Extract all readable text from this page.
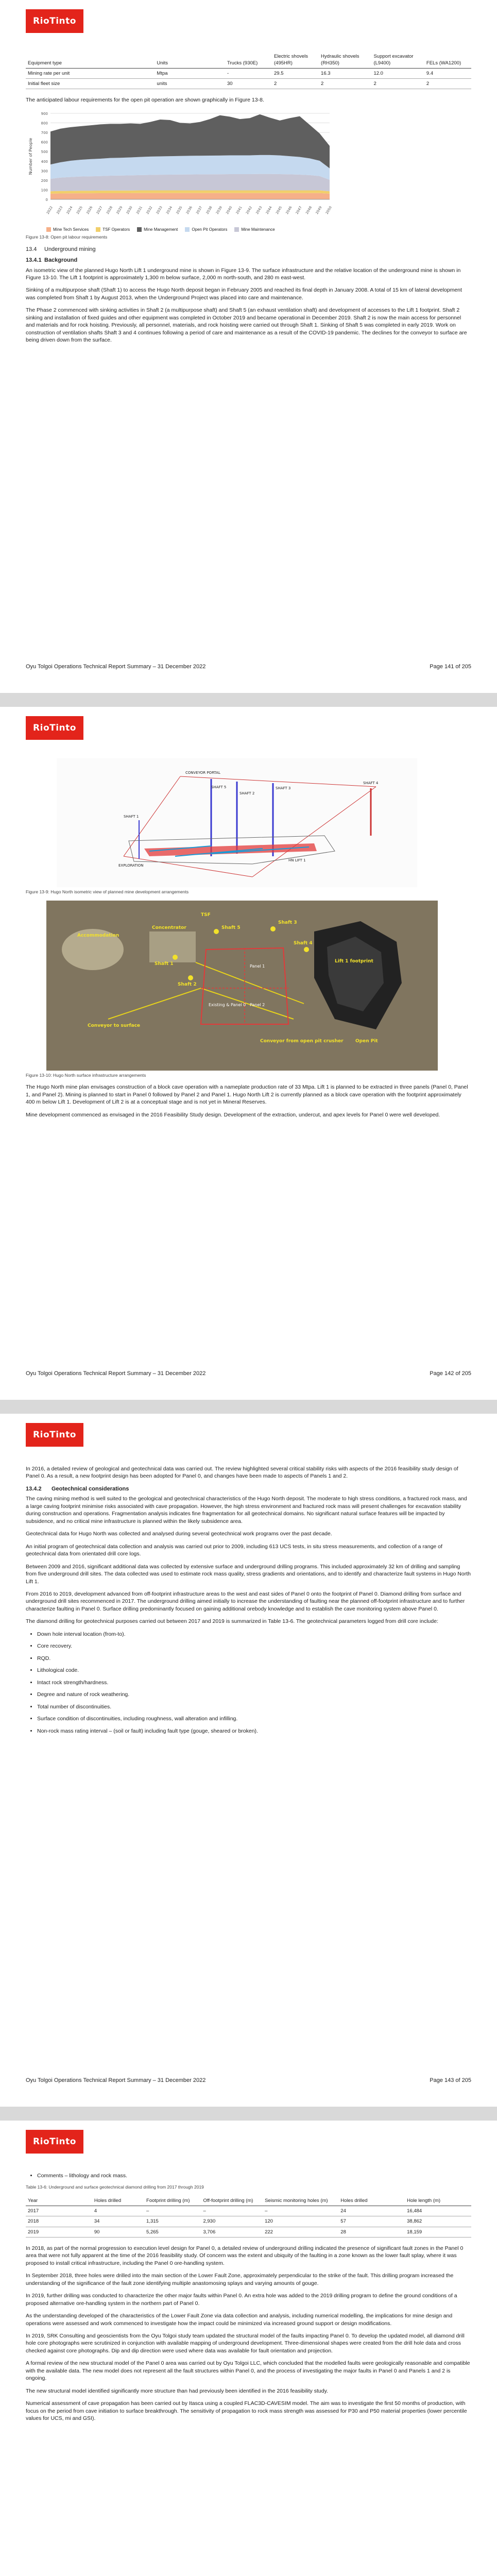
RioTinto
Equipment type	Units	Trucks (930E)	Electric shovels (495HR)	Hydraulic shovels (RH350)	Support excavator (L9400)	FELs (WA1200)
Mining rate per unit	Mtpa	-	29.5	16.3	12.0	9.4
Initial fleet size	units	30	2	2	2	2

The anticipated labour requirements for the open pit operation are shown graphically in Figure 13-8.

0
100
200
300
400
500
600
700
800
900
2022 2023 2024 2025 2026 2027 2028 2029 2030 2031 2032 2033 2034 2035 2036 2037 2038 2039 2040 2041 2042 2043 2044 2045 2046 2047 2048 2049 2050
Number of People
Mine Tech Services	TSF Operators	Mine Management	Open Pit Operators	Mine Maintenance
Figure 13-8: Open pit labour requirements
13.4	Underground mining
13.4.1 Background

An isometric view of the planned Hugo North Lift 1 underground mine is shown in Figure 13-9. The surface infrastructure and the relative location of the underground mine is shown in Figure 13-10. The Lift 1 footprint is approximately 1,300 m below surface, 2,000 m north-south, and 280 m east-west.

Sinking of a multipurpose shaft (Shaft 1) to access the Hugo North deposit began in February 2005 and reached its final depth in January 2008. A total of 15 km of lateral development was completed from Shaft 1 by August 2013, when the Underground Project was placed into care and maintenance.

The Phase 2 commenced with sinking activities in Shaft 2 (a multipurpose shaft) and Shaft 5 (an exhaust ventilation shaft) and development of accesses to the Lift 1 footprint. Shaft 2 sinking and installation of fixed guides and other equipment was completed in October 2019 and became operational in December 2019. Shaft 2 is now the main access for personnel and materials and for rock hoisting. Previously, all personnel, materials, and rock hoisting were carried out through Shaft 1. Sinking of Shaft 5 was completed in early 2019. Work on construction of ventilation shafts Shaft 3 and 4 continues following a period of care and maintenance as a result of the COVID-19 pandemic. The declines for the conveyor to surface are being driven down from the surface.

Oyu Tolgoi Operations Technical Report Summary – 31 December 2022	Page 141 of 205
RioTinto
CONVEYOR PORTAL
SHAFT 4
SHAFT 5	SHAFT 3
SHAFT 2
SHAFT 1
HN LIFT 1
EXPLORATION
Figure 13-9: Hugo North isometric view of planned mine development arrangements
Accommodation
Concentrator
TSF
Shaft 1
Shaft 5
Shaft 2
Shaft 3
Shaft 4
Lift 1 footprint
Conveyor to surface
Conveyor from open pit crusher	Open Pit
Existing & Panel 0
Panel 1
Panel 2
Figure 13-10: Hugo North surface infrastructure arrangements

The Hugo North mine plan envisages construction of a block cave operation with a nameplate production rate of 33 Mtpa. Lift 1 is planned to be extracted in three panels (Panel 0, Panel 1, and Panel 2). Mining is planned to start in Panel 0 followed by Panel 2 and Panel 1. Hugo North Lift 2 is currently planned as a block cave operation with the footprint approximately 400 m below Lift 1. Development of Lift 2 is at a conceptual stage and is not yet in Mineral Reserves.

Mine development commenced as envisaged in the 2016 Feasibility Study design. Development of the extraction, undercut, and apex levels for Panel 0 were well developed.

Oyu Tolgoi Operations Technical Report Summary – 31 December 2022	Page 142 of 205
RioTinto

In 2016, a detailed review of geological and geotechnical data was carried out. The review highlighted several critical stability risks with aspects of the 2016 feasibility study design of Panel 0. As a result, a new footprint design has been adopted for Panel 0, and changes have been made to aspects of Panels 1 and 2.

13.4.2	Geotechnical considerations

The caving mining method is well suited to the geological and geotechnical characteristics of the Hugo North deposit. The moderate to high stress conditions, a fractured rock mass, and a large caving footprint minimise risks associated with cave propagation. However, the high stress environment and fractured rock mass will present challenges for excavation stability during construction and operations. Fragmentation analysis indicates fine fragmentation for all geotechnical domains. No significant natural surface features will be impacted by subsidence, and no critical mine infrastructure is planned within the likely subsidence area.

Geotechnical data for Hugo North was collected and analysed during several geotechnical work programs over the past decade.

An initial program of geotechnical data collection and analysis was carried out prior to 2009, including 613 UCS tests, in situ stress measurements, and collection of a range of geotechnical data from orientated drill core logs.

Between 2009 and 2016, significant additional data was collected by extensive surface and underground drilling programs. This included approximately 32 km of drilling and sampling from five underground drill sites. The data collected was used to estimate rock mass quality, stress gradients and orientations, and to identify and characterize fault systems in Hugo North Lift 1.

From 2016 to 2019, development advanced from off-footprint infrastructure areas to the west and east sides of Panel 0 onto the footprint of Panel 0. Diamond drilling from surface and underground drill sites recommenced in 2017. The underground drilling aimed initially to increase the understanding of faulting near the planned off-footprint infrastructure and to further characterize faulting in Panel 0. Surface drilling predominantly focused on gaining additional orebody knowledge and to establish the cave monitoring system above Panel 0.

The diamond drilling for geotechnical purposes carried out between 2017 and 2019 is summarized in Table 13-6. The geotechnical parameters logged from drill core include:

• Down hole interval location (from-to).
• Core recovery.
• RQD.
• Lithological code.
• Intact rock strength/hardness.
• Degree and nature of rock weathering.
• Total number of discontinuities.
• Surface condition of discontinuities, including roughness, wall alteration and infilling.
• Non-rock mass rating interval – (soil or fault) including fault type (gouge, sheared or broken).
Oyu Tolgoi Operations Technical Report Summary – 31 December 2022	Page 143 of 205
RioTinto
• Comments – lithology and rock mass.
Table 13-6: Underground and surface geotechnical diamond drilling from 2017 through 2019
Year	Holes drilled	Footprint drilling (m)	Off-footprint drilling (m)	Seismic monitoring holes (m)	Holes drilled	Hole length (m)
2017	4	–	–	–	24	16,484
2018	34	1,315	2,930	120	57	38,862
2019	90	5,265	3,706	222	28	18,159

In 2018, as part of the normal progression to execution level design for Panel 0, a detailed review of underground drilling indicated the presence of significant fault zones in the Panel 0 area that were not fully apparent at the time of the 2016 feasibility study. Of concern was the extent and ubiquity of the faulting in a zone known as the lower fault splay, where it was proposed to install critical infrastructure, including the Panel 0 ore-handling system.

In September 2018, three holes were drilled into the main section of the Lower Fault Zone, approximately perpendicular to the strike of the fault. This drilling program increased the understanding of the significance of the fault zone identifying multiple anastomosing splays and varying amounts of gouge.

In 2019, further drilling was conducted to characterize the other major faults within Panel 0. An extra hole was added to the 2019 drilling program to define the ground conditions of a proposed alternative ore-handling system in the northern part of Panel 0.

As the understanding developed of the characteristics of the Lower Fault Zone via data collection and analysis, including numerical modelling, the implications for mine design and operations were assessed and work commenced to investigate how the impact could be minimized via increased ground support or design modifications.

In 2019, SRK Consulting and geoscientists from the Oyu Tolgoi study team updated the structural model of the faults impacting Panel 0. To develop the updated model, all diamond drill hole core photographs were scrutinized in conjunction with available mapping of underground development. Three-dimensional shapes were created from the drill hole data and cross checked against core photographs. Dip and dip direction were used where data was available for fault orientation and projection.

A formal review of the new structural model of the Panel 0 area was carried out by Oyu Tolgoi LLC, which concluded that the modelled faults were geologically reasonable and compatible with the available data. The new model does not represent all the fault structures within Panel 0, and the process of investigating the major faults in Panel 0 and Panels 1 and 2 is ongoing.

The new structural model identified significantly more structure than had previously been identified in the 2016 feasibility study.

Numerical assessment of cave propagation has been carried out by Itasca using a coupled FLAC3D-CAVESIM model. The aim was to investigate the first 50 months of production, with focus on the period from cave initiation to surface breakthrough. The sensitivity of propagation to rock mass strength was assessed for P30 and P50 material properties (lower percentile values for UCS, mi and GSI).
